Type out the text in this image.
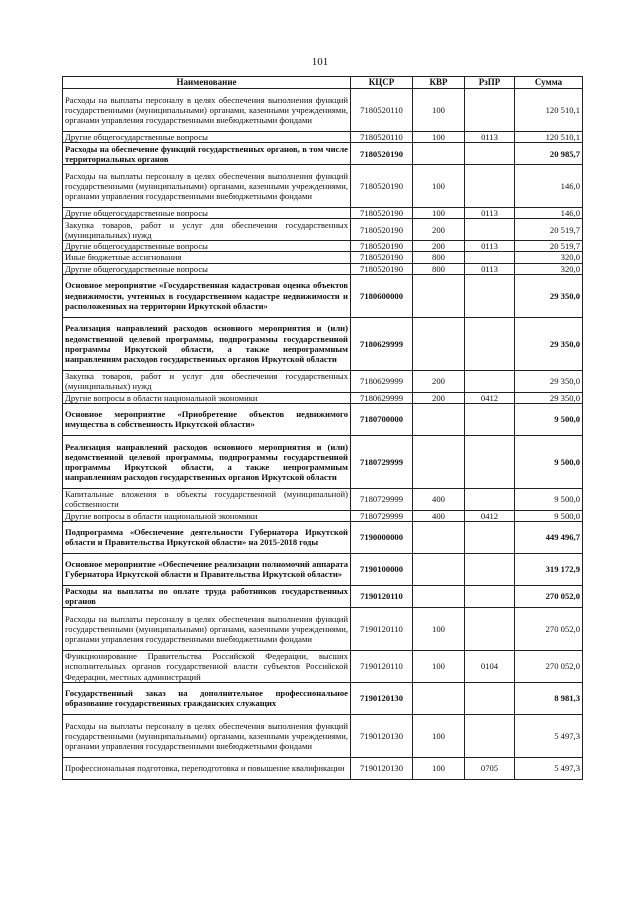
101
Наименование	КЦСР	КВР	РзПР	Сумма
Расходы на выплаты персоналу в целях обеспечения выполнения функций государственными (муниципальными) органами, казенными учреждениями, органами управления государственными внебюджетными фондами	7180520110	100		120 510,1
Другие общегосударственные вопросы	7180520110	100	0113	120 510,1
Расходы на обеспечение функций государственных органов, в том числе территориальных органов	7180520190			20 985,7
Расходы на выплаты персоналу в целях обеспечения выполнения функций государственными (муниципальными) органами, казенными учреждениями, органами управления государственными внебюджетными фондами	7180520190	100		146,0
Другие общегосударственные вопросы	7180520190	100	0113	146,0
Закупка товаров, работ и услуг для обеспечения государственных (муниципальных) нужд	7180520190	200		20 519,7
Другие общегосударственные вопросы	7180520190	200	0113	20 519,7
Иные бюджетные ассигнования	7180520190	800		320,0
Другие общегосударственные вопросы	7180520190	800	0113	320,0
Основное мероприятие «Государственная кадастровая оценка объектов недвижимости, учтенных в государственном кадастре недвижимости и расположенных на территории Иркутской области»	7180600000			29 350,0
Реализация направлений расходов основного мероприятия и (или) ведомственной целевой программы, подпрограммы государственной программы Иркутской области, а также непрограммным направлениям расходов государственных органов Иркутской области	7180629999			29 350,0
Закупка товаров, работ и услуг для обеспечения государственных (муниципальных) нужд	7180629999	200		29 350,0
Другие вопросы в области национальной экономики	7180629999	200	0412	29 350,0
Основное мероприятие «Приобретение объектов недвижимого имущества в собственность Иркутской области»	7180700000			9 500,0
Реализация направлений расходов основного мероприятия и (или) ведомственной целевой программы, подпрограммы государственной программы Иркутской области, а также непрограммным направлениям расходов государственных органов Иркутской области	7180729999			9 500,0
Капитальные вложения в объекты государственной (муниципальной) собственности	7180729999	400		9 500,0
Другие вопросы в области национальной экономики	7180729999	400	0412	9 500,0
Подпрограмма «Обеспечение деятельности Губернатора Иркутской области и Правительства Иркутской области» на 2015-2018 годы	7190000000			449 496,7
Основное мероприятие «Обеспечение реализации полномочий аппарата Губернатора Иркутской области и Правительства Иркутской области»	7190100000			319 172,9
Расходы на выплаты по оплате труда работников государственных органов	7190120110			270 052,0
Расходы на выплаты персоналу в целях обеспечения выполнения функций государственными (муниципальными) органами, казенными учреждениями, органами управления государственными внебюджетными фондами	7190120110	100		270 052,0
Функционирование Правительства Российской Федерации, высших исполнительных органов государственной власти субъектов Российской Федерации, местных администраций	7190120110	100	0104	270 052,0
Государственный заказ на дополнительное профессиональное образование государственных гражданских служащих	7190120130			8 981,3
Расходы на выплаты персоналу в целях обеспечения выполнения функций государственными (муниципальными) органами, казенными учреждениями, органами управления государственными внебюджетными фондами	7190120130	100		5 497,3
Профессиональная подготовка, переподготовка и повышение квалификации	7190120130	100	0705	5 497,3
